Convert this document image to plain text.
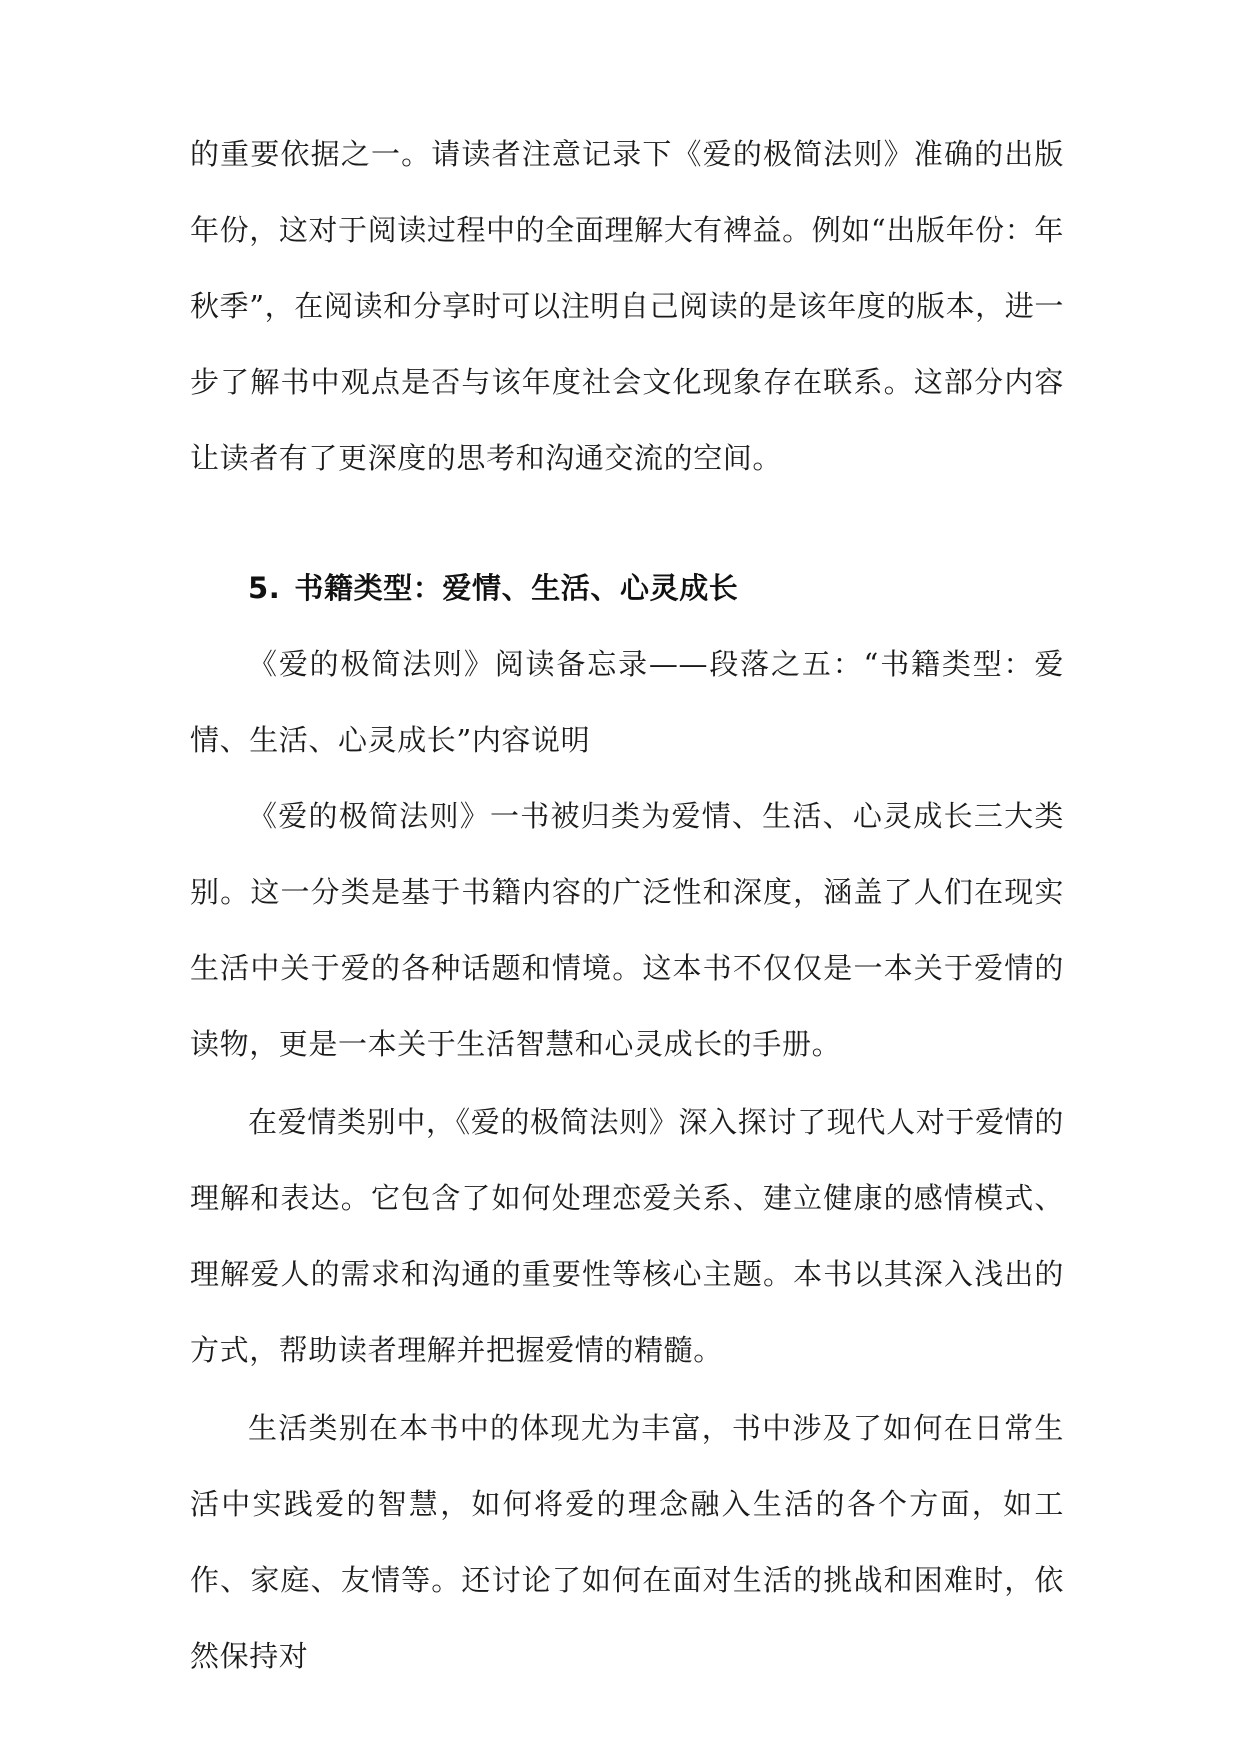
的重要依据之一。请读者注意记录下《爱的极简法则》准确的出版年份，这对于阅读过程中的全面理解大有裨益。例如“出版年份：年秋季”，在阅读和分享时可以注明自己阅读的是该年度的版本，进一步了解书中观点是否与该年度社会文化现象存在联系。这部分内容让读者有了更深度的思考和沟通交流的空间。

5. 书籍类型：爱情、生活、心灵成长

《爱的极简法则》阅读备忘录——段落之五：“书籍类型：爱情、生活、心灵成长”内容说明

《爱的极简法则》一书被归类为爱情、生活、心灵成长三大类别。这一分类是基于书籍内容的广泛性和深度，涵盖了人们在现实生活中关于爱的各种话题和情境。这本书不仅仅是一本关于爱情的读物，更是一本关于生活智慧和心灵成长的手册。

在爱情类别中，《爱的极简法则》深入探讨了现代人对于爱情的理解和表达。它包含了如何处理恋爱关系、建立健康的感情模式、理解爱人的需求和沟通的重要性等核心主题。本书以其深入浅出的方式，帮助读者理解并把握爱情的精髓。

生活类别在本书中的体现尤为丰富，书中涉及了如何在日常生活中实践爱的智慧，如何将爱的理念融入生活的各个方面，如工作、家庭、友情等。还讨论了如何在面对生活的挑战和困难时，依然保持对
